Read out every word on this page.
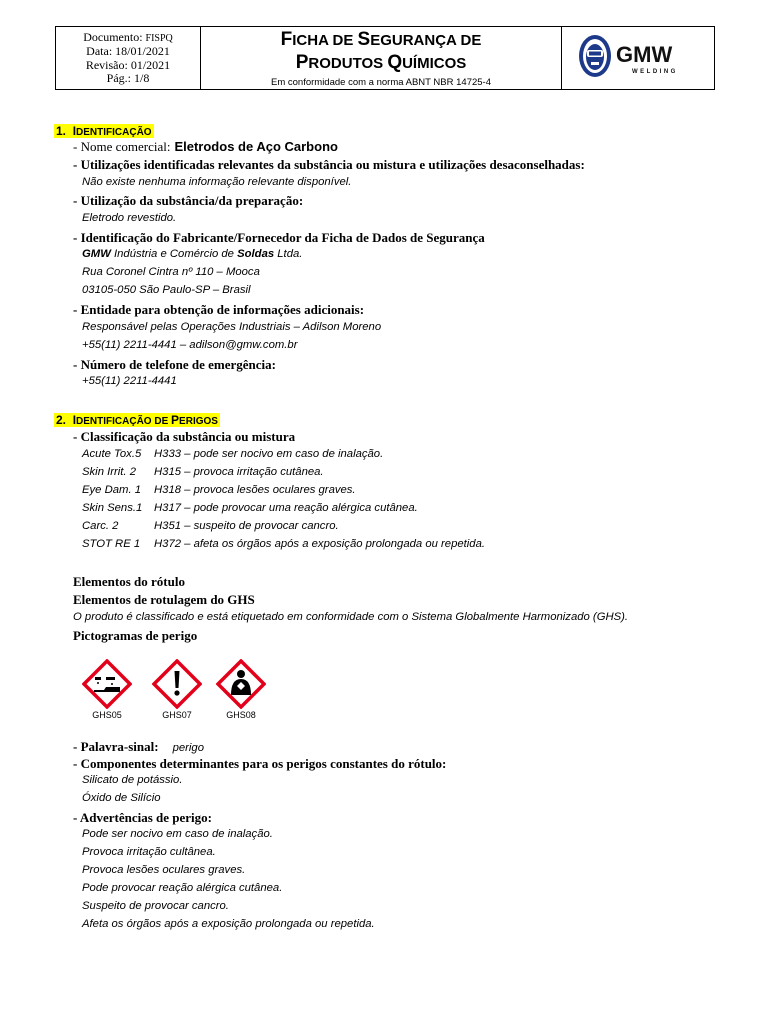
Documento: FISPQ
Data: 18/01/2021
Revisão: 01/2021
Pág.: 1/8

FICHA DE SEGURANÇA DE
PRODUTOS QUÍMICOS
Em conformidade com a norma ABNT NBR 14725-4

GMW
WELDING
1. IDENTIFICAÇÃO
- Nome comercial: Eletrodos de Aço Carbono
- Utilizações identificadas relevantes da substância ou mistura e utilizações desaconselhadas:
Não existe nenhuma informação relevante disponível.
- Utilização da substância/da preparação:
Eletrodo revestido.
- Identificação do Fabricante/Fornecedor da Ficha de Dados de Segurança
GMW Indústria e Comércio de Soldas Ltda.
Rua Coronel Cintra nº 110 – Mooca
03105-050 São Paulo-SP – Brasil
- Entidade para obtenção de informações adicionais:
Responsável pelas Operações Industriais – Adilson Moreno
+55(11) 2211-4441 – adilson@gmw.com.br
- Número de telefone de emergência:
+55(11) 2211-4441
2. IDENTIFICAÇÃO DE PERIGOS
- Classificação da substância ou mistura
Acute Tox.5 H333 – pode ser nocivo em caso de inalação.
Skin Irrit. 2 H315 – provoca irritação cutânea.
Eye Dam. 1 H318 – provoca lesões oculares graves.
Skin Sens.1 H317 – pode provocar uma reação alérgica cutânea.
Carc. 2	H351 – suspeito de provocar cancro.
STOT RE 1 H372 – afeta os órgãos após a exposição prolongada ou repetida.
Elementos do rótulo
Elementos de rotulagem do GHS
O produto é classificado e está etiquetado em conformidade com o Sistema Globalmente Harmonizado (GHS).
Pictogramas de perigo
GHS05	GHS07	GHS08
- Palavra-sinal: perigo
- Componentes determinantes para os perigos constantes do rótulo:
Silicato de potássio.
Óxido de Silício
- Advertências de perigo:
Pode ser nocivo em caso de inalação.
Provoca irritação cultânea.
Provoca lesões oculares graves.
Pode provocar reação alérgica cutânea.
Suspeito de provocar cancro.
Afeta os órgãos após a exposição prolongada ou repetida.
